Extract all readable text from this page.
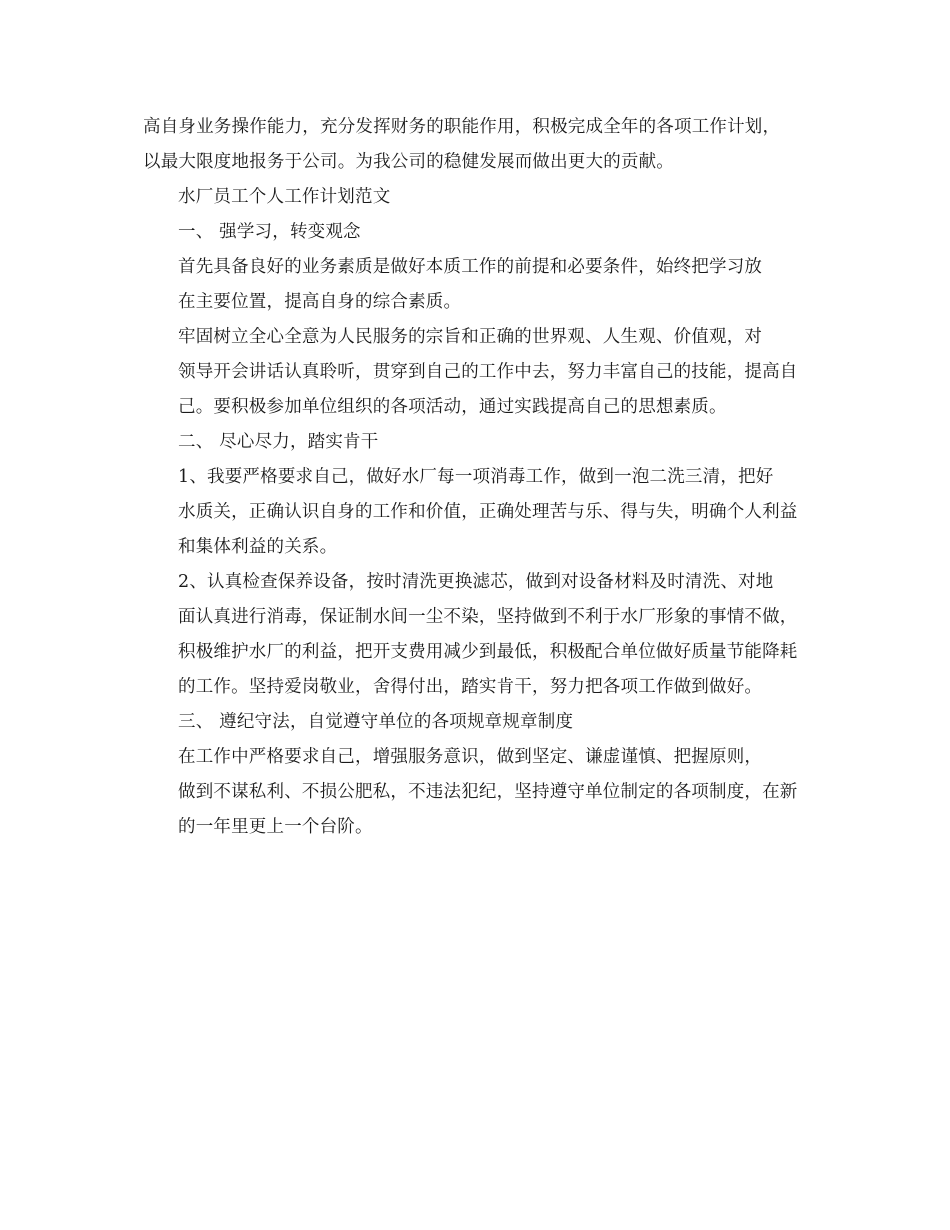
高自身业务操作能力，充分发挥财务的职能作用，积极完成全年的各项工作计划，
以最大限度地报务于公司。为我公司的稳健发展而做出更大的贡献。

水厂员工个人工作计划范文

一、 强学习，转变观念

首先具备良好的业务素质是做好本质工作的前提和必要条件，始终把学习放
在主要位置，提高自身的综合素质。

牢固树立全心全意为人民服务的宗旨和正确的世界观、人生观、价值观，对
领导开会讲话认真聆听，贯穿到自己的工作中去，努力丰富自己的技能，提高自
己。要积极参加单位组织的各项活动，通过实践提高自己的思想素质。

二、 尽心尽力，踏实肯干

1、我要严格要求自己，做好水厂每一项消毒工作，做到一泡二洗三清，把好
水质关，正确认识自身的工作和价值，正确处理苦与乐、得与失，明确个人利益
和集体利益的关系。

2、认真检查保养设备，按时清洗更换滤芯，做到对设备材料及时清洗、对地
面认真进行消毒，保证制水间一尘不染，坚持做到不利于水厂形象的事情不做，
积极维护水厂的利益，把开支费用减少到最低，积极配合单位做好质量节能降耗
的工作。坚持爱岗敬业，舍得付出，踏实肯干，努力把各项工作做到做好。

三、 遵纪守法，自觉遵守单位的各项规章规章制度

在工作中严格要求自己，增强服务意识，做到坚定、谦虚谨慎、把握原则，
做到不谋私利、不损公肥私，不违法犯纪，坚持遵守单位制定的各项制度，在新
的一年里更上一个台阶。
